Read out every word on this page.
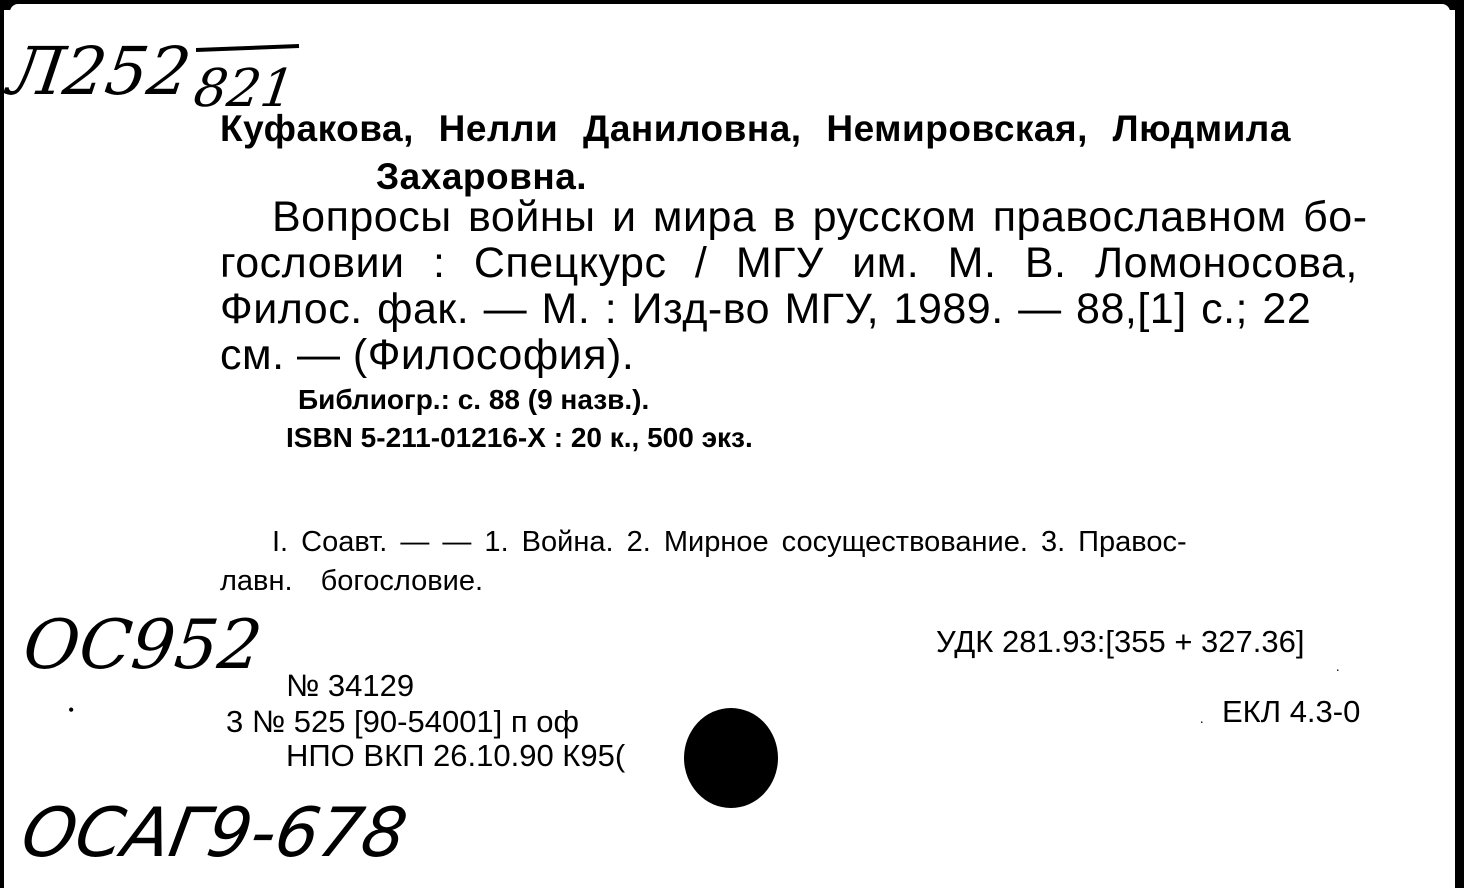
Л252
821
Куфакова, Нелли Даниловна, Немировская, Людмила
Захаровна.
Вопросы войны и мира в русском православном бо-
гословии : Спецкурс / МГУ им. М. В. Ломоносова,
Филос. фак. — М. : Изд-во МГУ, 1989. — 88,[1] с.; 22
см. — (Философия).
Библиогр.: с. 88 (9 назв.).
ISBN 5-211-01216-X : 20 к., 500 экз.
I. Соавт. — — 1. Война. 2. Мирное сосуществование. 3. Правос-
лавн. богословие.
ОС952	УДК 281.93:[355 + 327.36]
ЕКЛ 4.3-0
№ 34129
3 № 525 [90-54001] п оф
НПО ВКП 26.10.90 К95(
ОСАГ9-678
•	.
.
